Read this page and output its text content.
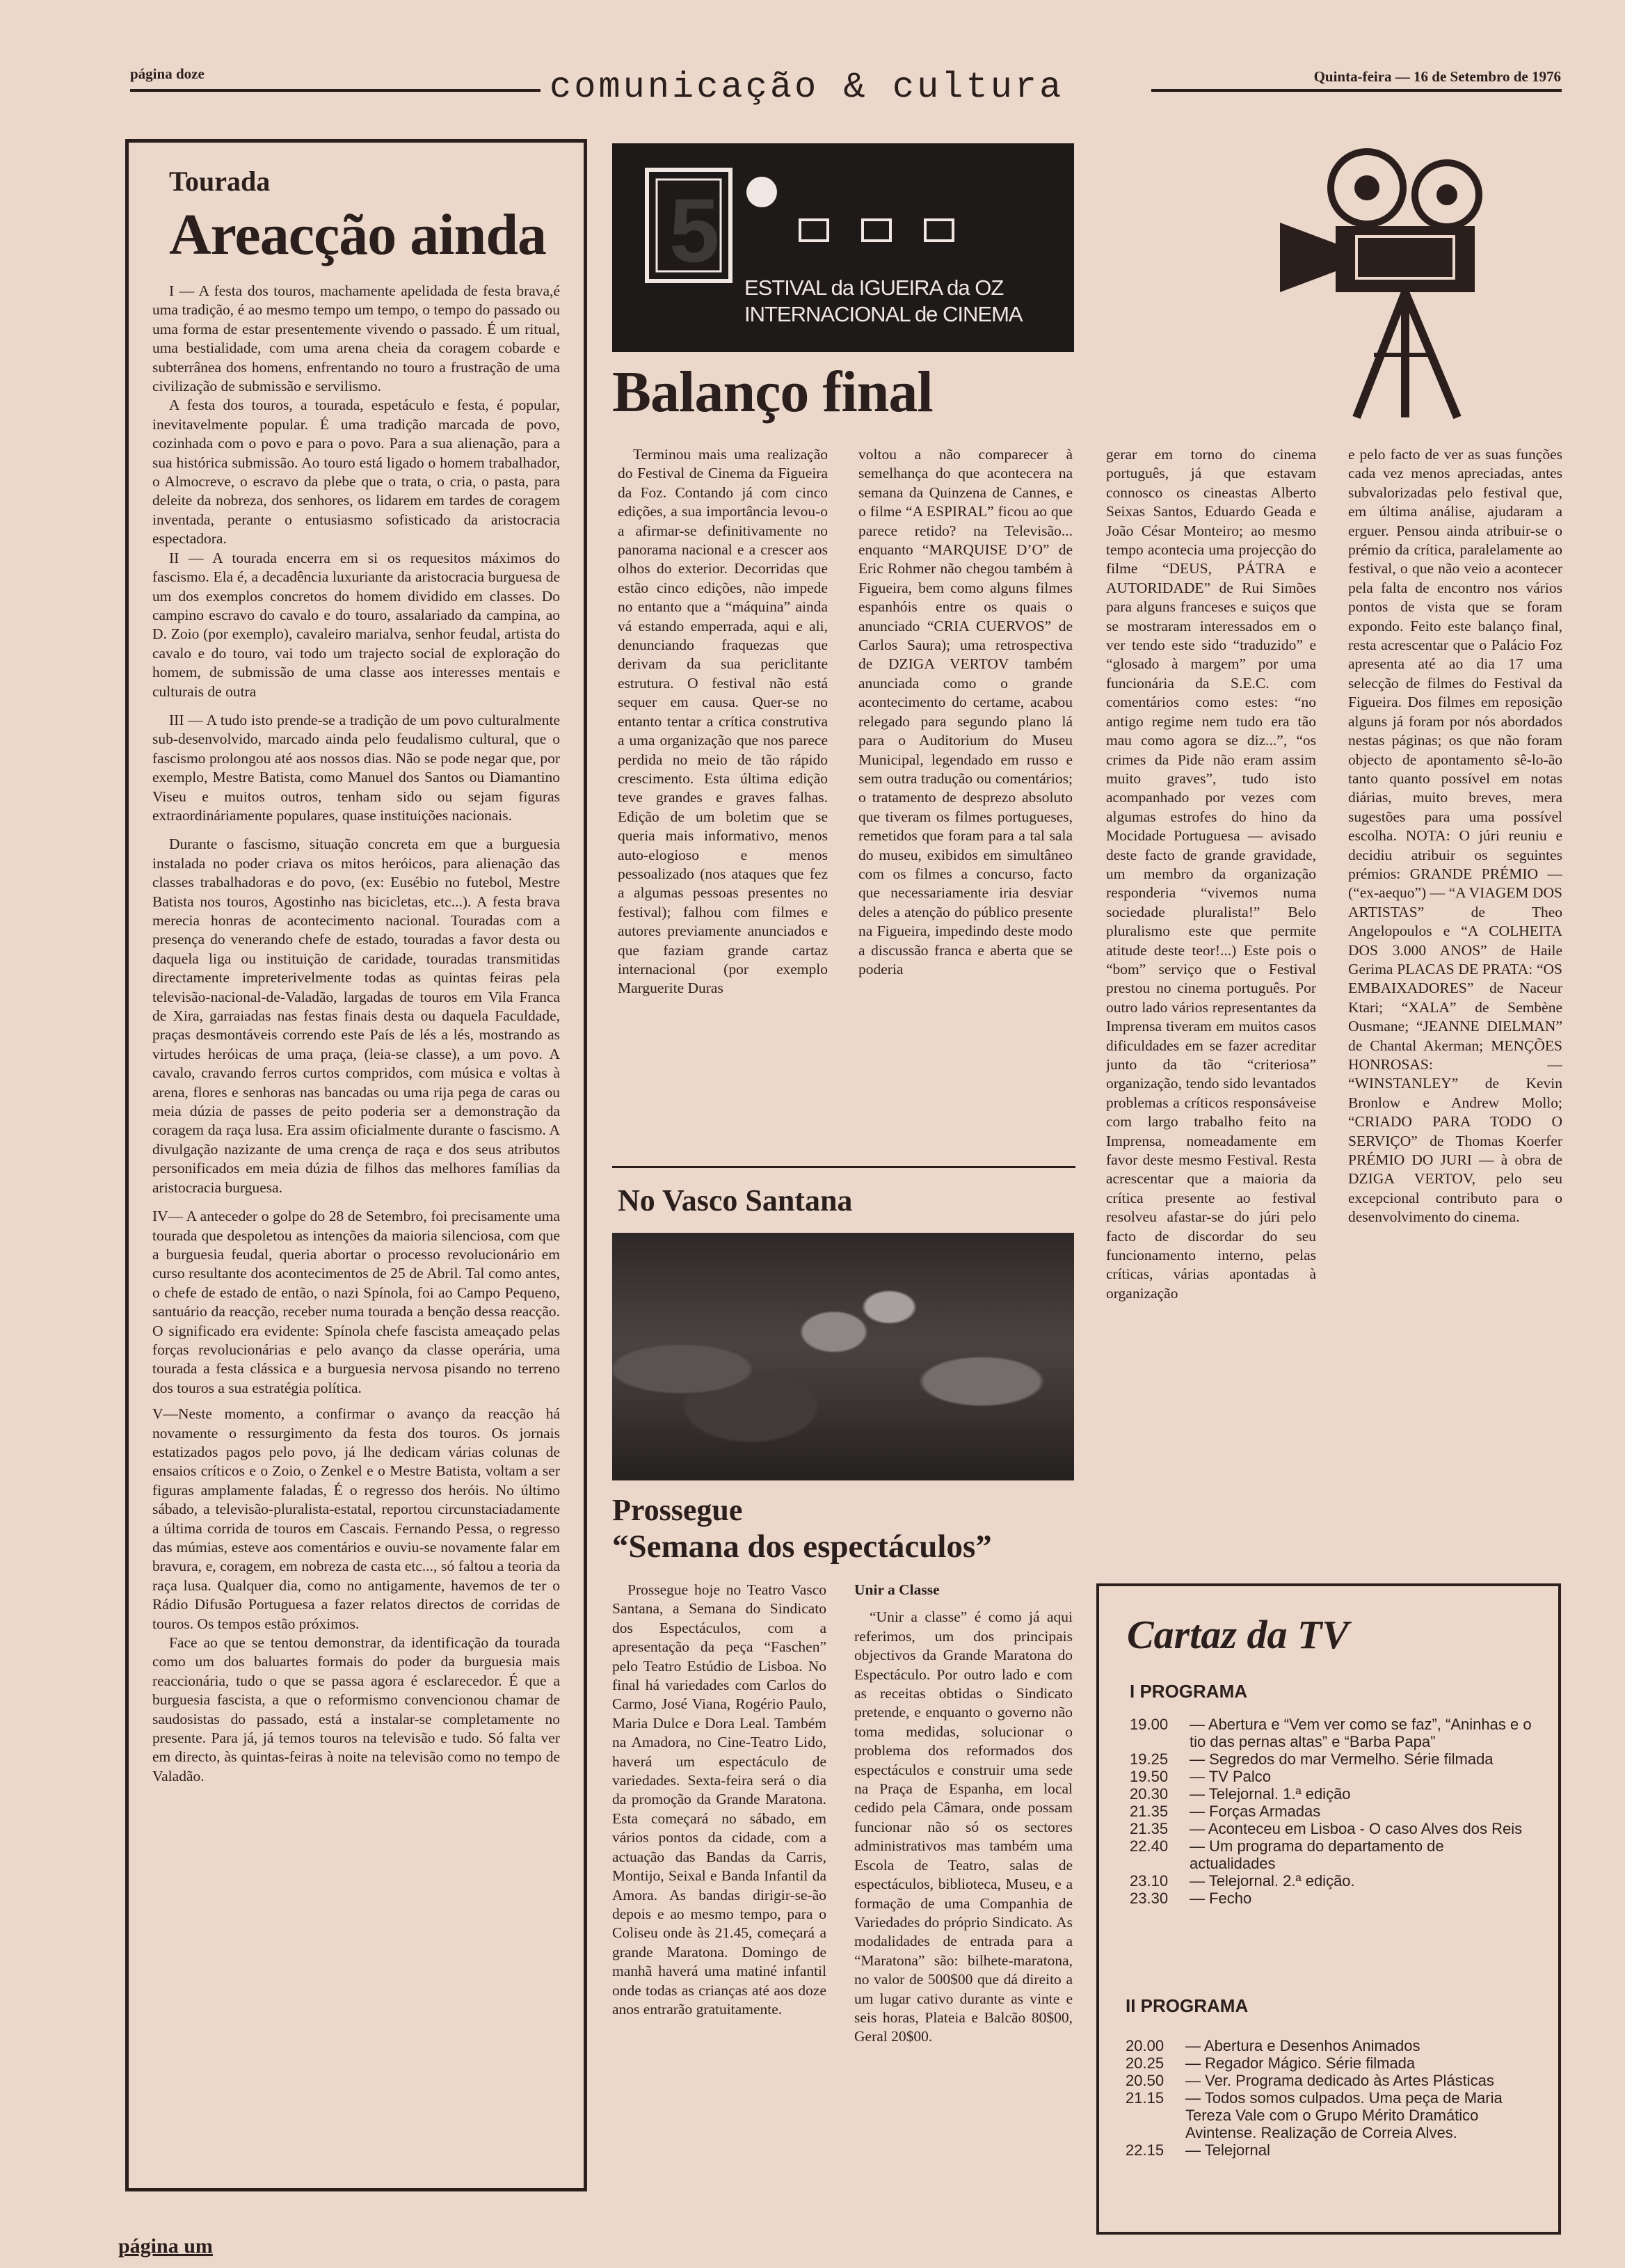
página doze	comunicação & cultura	Quinta-feira — 16 de Setembro de 1976
Tourada
Areacção ainda

I — A festa dos touros, machamente apelidada de festa brava,é uma tradição, é ao mesmo tempo um tempo, o tempo do passado ou uma forma de estar presentemente vivendo o passado. É um ritual, uma bestialidade, com uma arena cheia da coragem cobarde e subterrânea dos homens, enfrentando no touro a frustração de uma civilização de submissão e servilismo.

A festa dos touros, a tourada, espetáculo e festa, é popular, inevitavelmente popular. É uma tradição marcada de povo, cozinhada com o povo e para o povo. Para a sua alienação, para a sua histórica submissão. Ao touro está ligado o homem trabalhador, o Almocreve, o escravo da plebe que o trata, o cria, o pasta, para deleite da nobreza, dos senhores, os lidarem em tardes de coragem inventada, perante o entusiasmo sofisticado da aristocracia espectadora.

II — A tourada encerra em si os requesitos máximos do fascismo. Ela é, a decadência luxuriante da aristocracia burguesa de um dos exemplos concretos do homem dividido em classes. Do campino escravo do cavalo e do touro, assalariado da campina, ao D. Zoio (por exemplo), cavaleiro marialva, senhor feudal, artista do cavalo e do touro, vai todo um trajecto social de exploração do homem, de submissão de uma classe aos interesses mentais e culturais de outra

III — A tudo isto prende-se a tradição de um povo culturalmente sub-desenvolvido, marcado ainda pelo feudalismo cultural, que o fascismo prolongou até aos nossos dias. Não se pode negar que, por exemplo, Mestre Batista, como Manuel dos Santos ou Diamantino Viseu e muitos outros, tenham sido ou sejam figuras extraordináriamente populares, quase instituições nacionais.

Durante o fascismo, situação concreta em que a burguesia instalada no poder criava os mitos heróicos, para alienação das classes trabalhadoras e do povo, (ex: Eusébio no futebol, Mestre Batista nos touros, Agostinho nas bicicletas, etc...). A festa brava merecia honras de acontecimento nacional. Touradas com a presença do venerando chefe de estado, touradas a favor desta ou daquela liga ou instituição de caridade, touradas transmitidas directamente impreterivelmente todas as quintas feiras pela televisão-nacional-de-Valadão, largadas de touros em Vila Franca de Xira, garraiadas nas festas finais desta ou daquela Faculdade, praças desmontáveis correndo este País de lés a lés, mostrando as virtudes heróicas de uma praça, (leia-se classe), a um povo. A cavalo, cravando ferros curtos compridos, com música e voltas à arena, flores e senhoras nas bancadas ou uma rija pega de caras ou meia dúzia de passes de peito poderia ser a demonstração da coragem da raça lusa. Era assim oficialmente durante o fascismo. A divulgação nazizante de uma crença de raça e dos seus atributos personificados em meia dúzia de filhos das melhores famílias da aristocracia burguesa.

IV— A anteceder o golpe do 28 de Setembro, foi precisamente uma tourada que despoletou as intenções da maioria silenciosa, com que a burguesia feudal, queria abortar o processo revolucionário em curso resultante dos acontecimentos de 25 de Abril. Tal como antes, o chefe de estado de então, o nazi Spínola, foi ao Campo Pequeno, santuário da reacção, receber numa tourada a benção dessa reacção. O significado era evidente: Spínola chefe fascista ameaçado pelas forças revolucionárias e pelo avanço da classe operária, uma tourada a festa clássica e a burguesia nervosa pisando no terreno dos touros a sua estratégia política.

V—Neste momento, a confirmar o avanço da reacção há novamente o ressurgimento da festa dos touros. Os jornais estatizados pagos pelo povo, já lhe dedicam várias colunas de ensaios críticos e o Zoio, o Zenkel e o Mestre Batista, voltam a ser figuras amplamente faladas, É o regresso dos heróis. No último sábado, a televisão-pluralista-estatal, reportou circunstaciadamente a última corrida de touros em Cascais. Fernando Pessa, o regresso das múmias, esteve aos comentários e ouviu-se novamente falar em bravura, e, coragem, em nobreza de casta etc..., só faltou a teoria da raça lusa. Qualquer dia, como no antigamente, havemos de ter o Rádio Difusão Portuguesa a fazer relatos directos de corridas de touros. Os tempos estão próximos.

Face ao que se tentou demonstrar, da identificação da tourada como um dos baluartes formais do poder da burguesia mais reaccionária, tudo o que se passa agora é esclarecedor. É que a burguesia fascista, a que o reformismo convencionou chamar de saudosistas do passado, está a instalar-se completamente no presente. Para já, já temos touros na televisão e tudo. Só falta ver em directo, às quintas-feiras à noite na televisão como no tempo de Valadão.

5
ESTIVAL da IGUEIRA da OZ
INTERNACIONAL de CINEMA
Balanço final

Terminou mais uma realização do Festival de Cinema da Figueira da Foz. Contando já com cinco edições, a sua importância levou-o a afirmar-se definitivamente no panorama nacional e a crescer aos olhos do exterior. Decorridas que estão cinco edições, não impede no entanto que a “máquina” ainda vá estando emperrada, aqui e ali, denunciando fraquezas que derivam da sua periclitante estrutura. O festival não está sequer em causa. Quer-se no entanto tentar a crítica construtiva a uma organização que nos parece perdida no meio de tão rápido crescimento. Esta última edição teve grandes e graves falhas. Edição de um boletim que se queria mais informativo, menos auto-elogioso e menos pessoalizado (nos ataques que fez a algumas pessoas presentes no festival); falhou com filmes e autores previamente anunciados e que faziam grande cartaz internacional (por exemplo Marguerite Duras

voltou a não comparecer à semelhança do que acontecera na semana da Quinzena de Cannes, e o filme “A ESPIRAL” ficou ao que parece retido? na Televisão... enquanto “MARQUISE D’O” de Eric Rohmer não chegou também à Figueira, bem como alguns filmes espanhóis entre os quais o anunciado “CRIA CUERVOS” de Carlos Saura); uma retrospectiva de DZIGA VERTOV também anunciada como o grande acontecimento do certame, acabou relegado para segundo plano lá para o Auditorium do Museu Municipal, legendado em russo e sem outra tradução ou comentários; o tratamento de desprezo absoluto que tiveram os filmes portugueses, remetidos que foram para a tal sala do museu, exibidos em simultâneo com os filmes a concurso, facto que necessariamente iria desviar deles a atenção do público presente na Figueira, impedindo deste modo a discussão franca e aberta que se poderia

gerar em torno do cinema português, já que estavam connosco os cineastas Alberto Seixas Santos, Eduardo Geada e João César Monteiro; ao mesmo tempo acontecia uma projecção do filme “DEUS, PÁTRA e AUTORIDADE” de Rui Simões para alguns franceses e suiços que se mostraram interessados em o ver tendo este sido “traduzido” e “glosado à margem” por uma funcionária da S.E.C. com comentários como estes: “no antigo regime nem tudo era tão mau como agora se diz...”, “os crimes da Pide não eram assim muito graves”, tudo isto acompanhado por vezes com algumas estrofes do hino da Mocidade Portuguesa — avisado deste facto de grande gravidade, um membro da organização responderia “vivemos numa sociedade pluralista!” Belo pluralismo este que permite atitude deste teor!...) Este pois o “bom” serviço que o Festival prestou no cinema português. Por outro lado vários representantes da Imprensa tiveram em muitos casos dificuldades em se fazer acreditar junto da tão “criteriosa” organização, tendo sido levantados problemas a críticos responsáveise com largo trabalho feito na Imprensa, nomeadamente em favor deste mesmo Festival. Resta acrescentar que a maioria da crítica presente ao festival resolveu afastar-se do júri pelo facto de discordar do seu funcionamento interno, pelas críticas, várias apontadas à organização

e pelo facto de ver as suas funções cada vez menos apreciadas, antes subvalorizadas pelo festival que, em última análise, ajudaram a erguer. Pensou ainda atribuir-se o prémio da crítica, paralelamente ao festival, o que não veio a acontecer pela falta de encontro nos vários pontos de vista que se foram expondo. Feito este balanço final, resta acrescentar que o Palácio Foz apresenta até ao dia 17 uma selecção de filmes do Festival da Figueira. Dos filmes em reposição alguns já foram por nós abordados nestas páginas; os que não foram objecto de apontamento sê-lo-ão tanto quanto possível em notas diárias, muito breves, mera sugestões para uma possível escolha. NOTA: O júri reuniu e decidiu atribuir os seguintes prémios: GRANDE PRÉMIO — (“ex-aequo”) — “A VIAGEM DOS ARTISTAS” de Theo Angelopoulos e “A COLHEITA DOS 3.000 ANOS” de Haile Gerima PLACAS DE PRATA: “OS EMBAIXADORES” de Naceur Ktari; “XALA” de Sembène Ousmane; “JEANNE DIELMAN” de Chantal Akerman; MENÇÕES HONROSAS: — “WINSTANLEY” de Kevin Bronlow e Andrew Mollo; “CRIADO PARA TODO O SERVIÇO” de Thomas Koerfer PRÉMIO DO JURI — à obra de DZIGA VERTOV, pelo seu excepcional contributo para o desenvolvimento do cinema.

No Vasco Santana
Prossegue
“Semana dos espectáculos”

Prossegue hoje no Teatro Vasco Santana, a Semana do Sindicato dos Espectáculos, com a apresentação da peça “Faschen” pelo Teatro Estúdio de Lisboa. No final há variedades com Carlos do Carmo, José Viana, Rogério Paulo, Maria Dulce e Dora Leal. Também na Amadora, no Cine-Teatro Lido, haverá um espectáculo de variedades. Sexta-feira será o dia da promoção da Grande Maratona. Esta começará no sábado, em vários pontos da cidade, com a actuação das Bandas da Carris, Montijo, Seixal e Banda Infantil da Amora. As bandas dirigir-se-ão depois e ao mesmo tempo, para o Coliseu onde às 21.45, começará a grande Maratona. Domingo de manhã haverá uma matiné infantil onde todas as crianças até aos doze anos entrarão gratuitamente.

Unir a Classe

“Unir a classe” é como já aqui referimos, um dos principais objectivos da Grande Maratona do Espectáculo. Por outro lado e com as receitas obtidas o Sindicato pretende, e enquanto o governo não toma medidas, solucionar o problema dos reformados dos espectáculos e construir uma sede na Praça de Espanha, em local cedido pela Câmara, onde possam funcionar não só os sectores administrativos mas também uma Escola de Teatro, salas de espectáculos, biblioteca, Museu, e a formação de uma Companhia de Variedades do próprio Sindicato. As modalidades de entrada para a “Maratona” são: bilhete-maratona, no valor de 500$00 que dá direito a um lugar cativo durante as vinte e seis horas, Plateia e Balcão 80$00, Geral 20$00.

Cartaz da TV
I PROGRAMA
19.00	— Abertura e “Vem ver como se faz”, “Aninhas e o tio das pernas altas” e “Barba Papa”
19.25	— Segredos do mar Vermelho. Série filmada
19.50	— TV Palco
20.30	— Telejornal. 1.ª edição
21.35	— Forças Armadas
21.35	— Aconteceu em Lisboa - O caso Alves dos Reis
22.40	— Um programa do departamento de actualidades
23.10	— Telejornal. 2.ª edição.
23.30	— Fecho
II PROGRAMA
20.00	— Abertura e Desenhos Animados
20.25	— Regador Mágico. Série filmada
20.50	— Ver. Programa dedicado às Artes Plásticas
21.15	— Todos somos culpados. Uma peça de Maria Tereza Vale com o Grupo Mérito Dramático Avintense. Realização de Correia Alves.
22.15	— Telejornal
página um
